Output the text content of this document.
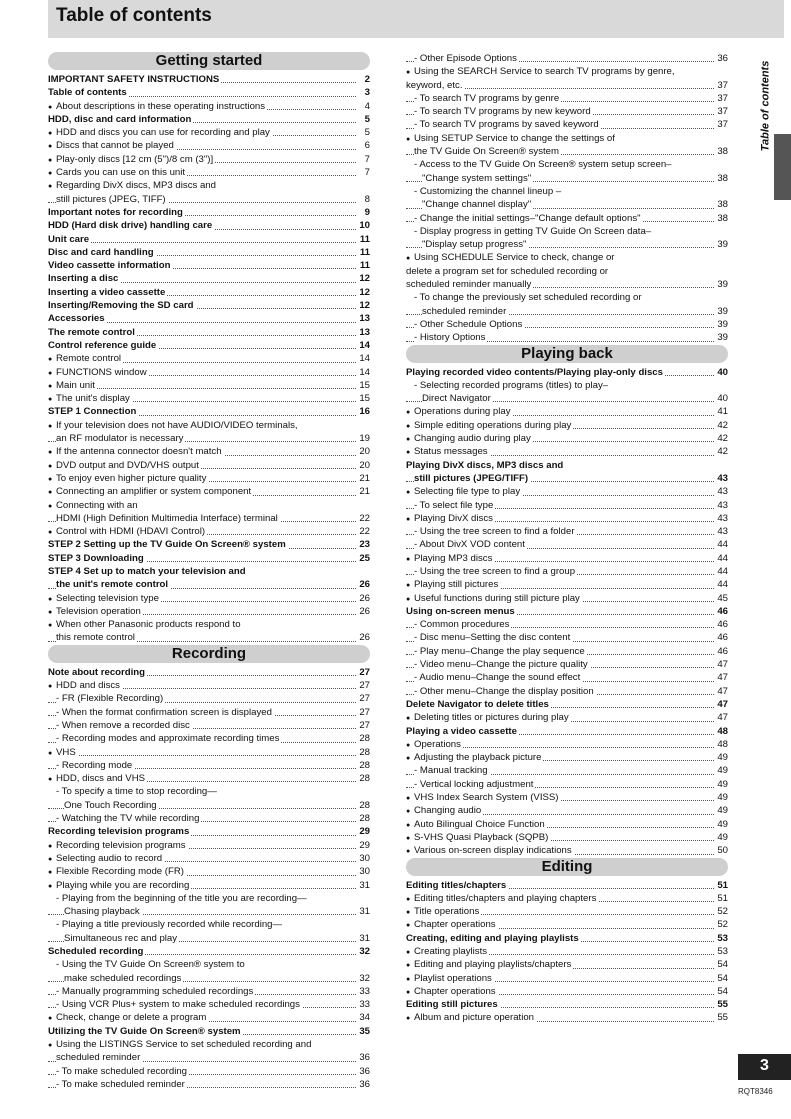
Table of contents
Getting started
IMPORTANT SAFETY INSTRUCTIONS	2
Table of contents	3
● About descriptions in these operating instructions	4
HDD, disc and card information	5
● HDD and discs you can use for recording and play	5
● Discs that cannot be played	6
● Play-only discs [12 cm (5")/8 cm (3")]	7
● Cards you can use on this unit	7
● Regarding DivX discs, MP3 discs and
still pictures (JPEG, TIFF)	8
Important notes for recording	9
HDD (Hard disk drive) handling care	10
Unit care	11
Disc and card handling	11
Video cassette information	11
Inserting a disc	12
Inserting a video cassette	12
Inserting/Removing the SD card	12
Accessories	13
The remote control	13
Control reference guide	14
● Remote control	14
● FUNCTIONS window	14
● Main unit	15
● The unit's display	15
STEP 1 Connection	16
● If your television does not have AUDIO/VIDEO terminals,
an RF modulator is necessary	19
● If the antenna connector doesn't match	20
● DVD output and DVD/VHS output	20
● To enjoy even higher picture quality	21
● Connecting an amplifier or system component	21
● Connecting with an
HDMI (High Definition Multimedia Interface) terminal	22
● Control with HDMI (HDAVI Control)	22
STEP 2 Setting up the TV Guide On Screen® system	23
STEP 3 Downloading	25
STEP 4 Set up to match your television and
the unit's remote control	26
● Selecting television type	26
● Television operation	26
● When other Panasonic products respond to
this remote control	26
Recording
Note about recording	27
● HDD and discs	27
- FR (Flexible Recording)	27
- When the format confirmation screen is displayed	27
- When remove a recorded disc	27
- Recording modes and approximate recording times	28
● VHS	28
- Recording mode	28
● HDD, discs and VHS	28
- To specify a time to stop recording—
One Touch Recording	28
- Watching the TV while recording	28
Recording television programs	29
● Recording television programs	29
● Selecting audio to record	30
● Flexible Recording mode (FR)	30
● Playing while you are recording	31
- Playing from the beginning of the title you are recording—
Chasing playback	31
- Playing a title previously recorded while recording—
Simultaneous rec and play	31
Scheduled recording	32
- Using the TV Guide On Screen® system to
make scheduled recordings	32
- Manually programming scheduled recordings	33
- Using VCR Plus+ system to make scheduled recordings	33
● Check, change or delete a program	34
Utilizing the TV Guide On Screen® system	35
● Using the LISTINGS Service to set scheduled recording and
scheduled reminder	36
- To make scheduled recording	36
- To make scheduled reminder	36
- Other Episode Options	36
● Using the SEARCH Service to search TV programs by genre,
keyword, etc.	37
- To search TV programs by genre	37
- To search TV programs by new keyword	37
- To search TV programs by saved keyword	37
● Using SETUP Service to change the settings of
the TV Guide On Screen® system	38
- Access to the TV Guide On Screen® system setup screen–
"Change system settings"	38
- Customizing the channel lineup –
"Change channel display"	38
- Change the initial settings–"Change default options"	38
- Display progress in getting TV Guide On Screen data–
"Display setup progress"	39
● Using SCHEDULE Service to check, change or
delete a program set for scheduled recording or
scheduled reminder manually	39
- To change the previously set scheduled recording or
scheduled reminder	39
- Other Schedule Options	39
- History Options	39
Playing back
Playing recorded video contents/Playing play-only discs	40
- Selecting recorded programs (titles) to play–
Direct Navigator	40
● Operations during play	41
● Simple editing operations during play	42
● Changing audio during play	42
● Status messages	42
Playing DivX discs, MP3 discs and
still pictures (JPEG/TIFF)	43
● Selecting file type to play	43
- To select file type	43
● Playing DivX discs	43
- Using the tree screen to find a folder	43
- About DivX VOD content	44
● Playing MP3 discs	44
- Using the tree screen to find a group	44
● Playing still pictures	44
● Useful functions during still picture play	45
Using on-screen menus	46
- Common procedures	46
- Disc menu–Setting the disc content	46
- Play menu–Change the play sequence	46
- Video menu–Change the picture quality	47
- Audio menu–Change the sound effect	47
- Other menu–Change the display position	47
Delete Navigator to delete titles	47
● Deleting titles or pictures during play	47
Playing a video cassette	48
● Operations	48
● Adjusting the playback picture	49
- Manual tracking	49
- Vertical locking adjustment	49
● VHS Index Search System (VISS)	49
● Changing audio	49
● Auto Bilingual Choice Function	49
● S-VHS Quasi Playback (SQPB)	49
● Various on-screen display indications	50
Editing
Editing titles/chapters	51
● Editing titles/chapters and playing chapters	51
● Title operations	52
● Chapter operations	52
Creating, editing and playing playlists	53
● Creating playlists	53
● Editing and playing playlists/chapters	54
● Playlist operations	54
● Chapter operations	54
Editing still pictures	55
● Album and picture operation	55
Table of contents
3
RQT8346
